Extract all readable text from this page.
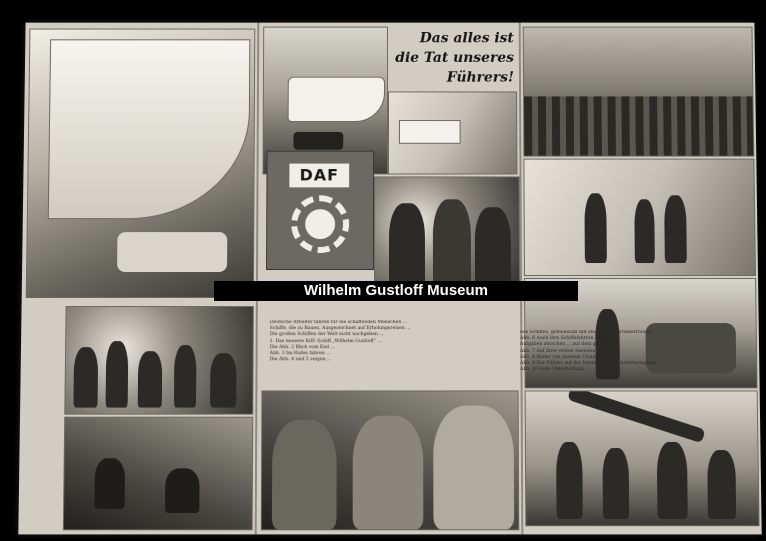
Das alles ist
die Tat unseres Führers!
DAF
Deutsche Arbeiter fahren für die schaffenden Menschen ...
Schiffe, die zu Bauen, Ausgezeichnet auf Erholungsreisen ...
Die großen Schiffen der Welt nicht nachgeben ...
1. Das neueste KdF.-Schiff „Wilhelm Gustloff“ ...
Die Abb. 2 Blick vom Kiel ...
Abb. 3 Im Hafen fahren ...
Die Abb. 4 und 5 zeigen ...
Wilhelm Gustloff Museum
des Schiffes, gemeinsam mit Hamburger Arbeiterfrauen
Abb. 6 Auch ihre Schiffsfahrten haben ...
Aufgaben zwischen ... auf dem großen
Abb. 7 Auf ihrer ersten Seereise ...
Abb. 8 Bilder von unseren Urlaubern ...
Abb. 9 Der Führer auf der Internationalen Arbeitertagung
Abb. 10 Gute Unterhaltung ...
